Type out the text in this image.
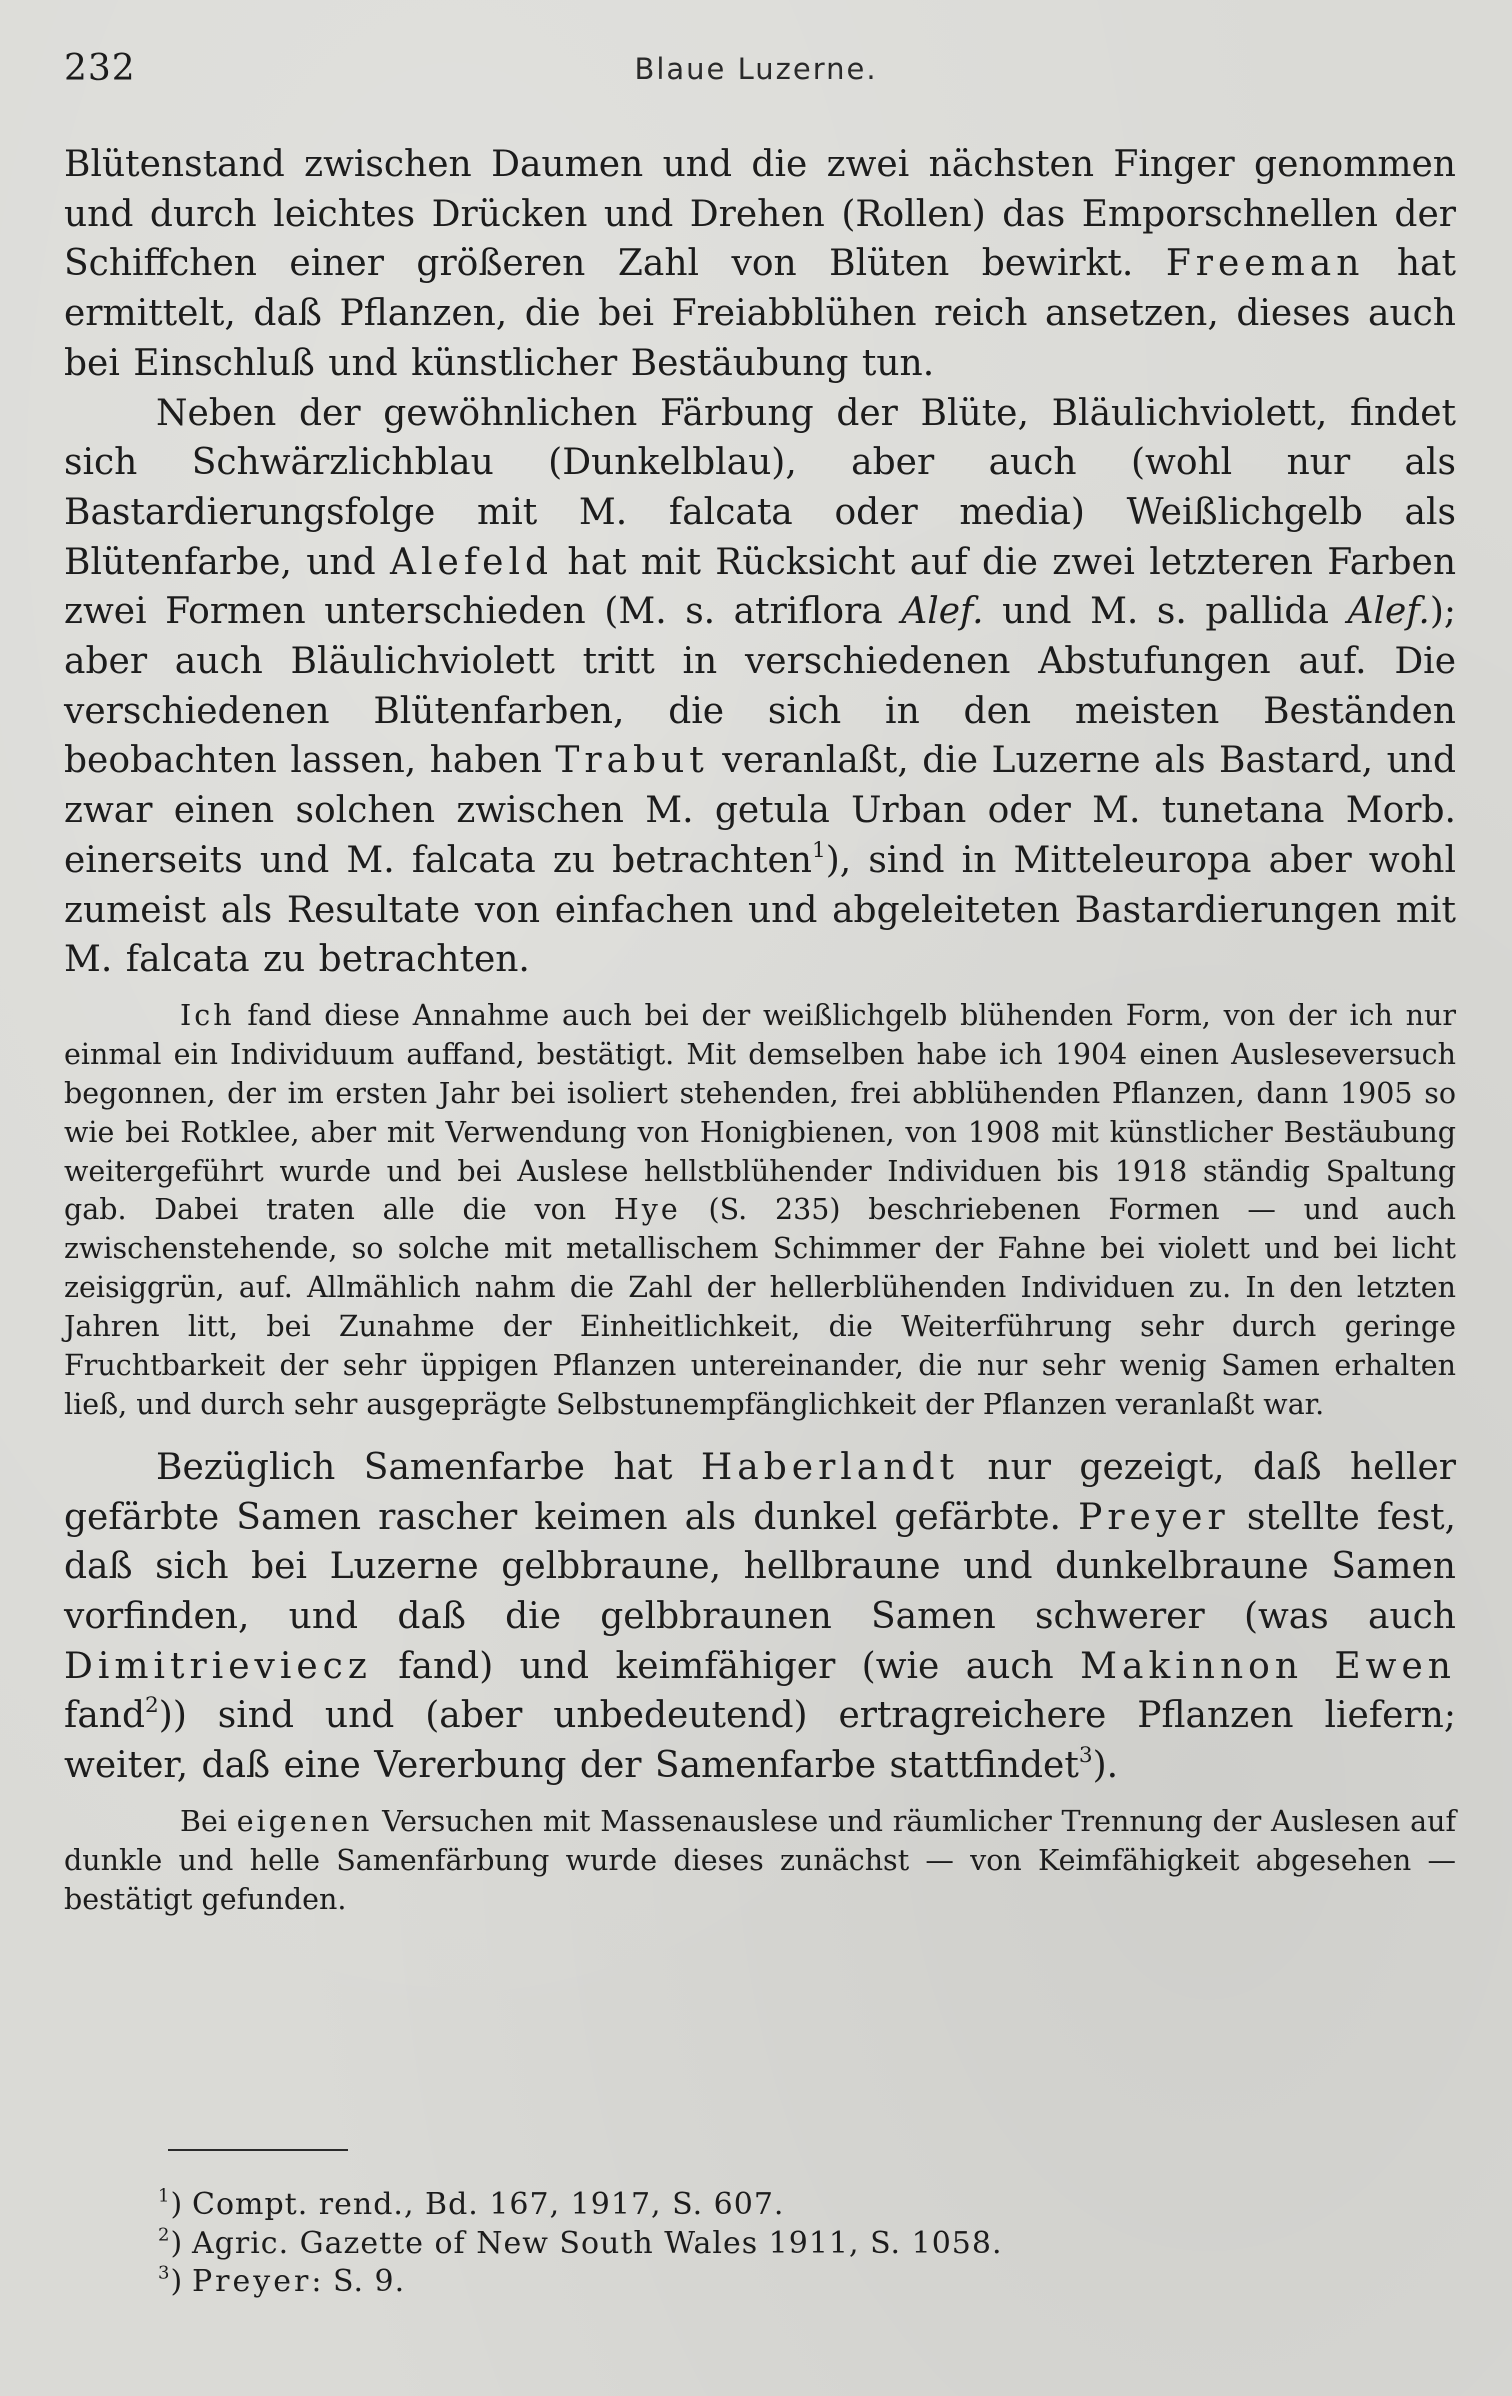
232	Blaue Luzerne.

Blütenstand zwischen Daumen und die zwei nächsten Finger genommen und durch leichtes Drücken und Drehen (Rollen) das Emporschnellen der Schiffchen einer größeren Zahl von Blüten bewirkt. Freeman hat ermittelt, daß Pflanzen, die bei Freiabblühen reich ansetzen, dieses auch bei Einschluß und künstlicher Bestäubung tun.

Neben der gewöhnlichen Färbung der Blüte, Bläulichviolett, findet sich Schwärzlichblau (Dunkelblau), aber auch (wohl nur als Bastardierungsfolge mit M. falcata oder media) Weißlichgelb als Blütenfarbe, und Alefeld hat mit Rücksicht auf die zwei letzteren Farben zwei Formen unterschieden (M. s. atriflora Alef. und M. s. pallida Alef.); aber auch Bläulichviolett tritt in verschiedenen Abstufungen auf. Die verschiedenen Blütenfarben, die sich in den meisten Beständen beobachten lassen, haben Trabut veranlaßt, die Luzerne als Bastard, und zwar einen solchen zwischen M. getula Urban oder M. tunetana Morb. einerseits und M. falcata zu betrachten$^1$), sind in Mitteleuropa aber wohl zumeist als Resultate von einfachen und abgeleiteten Bastardierungen mit M. falcata zu betrachten.

Ich fand diese Annahme auch bei der weißlichgelb blühenden Form, von der ich nur einmal ein Individuum auffand, bestätigt. Mit demselben habe ich 1904 einen Ausleseversuch begonnen, der im ersten Jahr bei isoliert stehenden, frei abblühenden Pflanzen, dann 1905 so wie bei Rotklee, aber mit Verwendung von Honigbienen, von 1908 mit künstlicher Bestäubung weitergeführt wurde und bei Auslese hellstblühender Individuen bis 1918 ständig Spaltung gab. Dabei traten alle die von Hye (S. 235) beschriebenen Formen — und auch zwischenstehende, so solche mit metallischem Schimmer der Fahne bei violett und bei licht zeisiggrün, auf. Allmählich nahm die Zahl der hellerblühenden Individuen zu. In den letzten Jahren litt, bei Zunahme der Einheitlichkeit, die Weiterführung sehr durch geringe Fruchtbarkeit der sehr üppigen Pflanzen untereinander, die nur sehr wenig Samen erhalten ließ, und durch sehr ausgeprägte Selbstunempfänglichkeit der Pflanzen veranlaßt war.

Bezüglich Samenfarbe hat Haberlandt nur gezeigt, daß heller gefärbte Samen rascher keimen als dunkel gefärbte. Preyer stellte fest, daß sich bei Luzerne gelbbraune, hellbraune und dunkelbraune Samen vorfinden, und daß die gelbbraunen Samen schwerer (was auch Dimitrieviecz fand) und keimfähiger (wie auch Makinnon Ewen fand$^2$)) sind und (aber unbedeutend) ertragreichere Pflanzen liefern; weiter, daß eine Vererbung der Samenfarbe stattfindet$^3$).

Bei eigenen Versuchen mit Massenauslese und räumlicher Trennung der Auslesen auf dunkle und helle Samenfärbung wurde dieses zunächst — von Keimfähigkeit abgesehen — bestätigt gefunden.

$^1$) Compt. rend., Bd. 167, 1917, S. 607.
$^2$) Agric. Gazette of New South Wales 1911, S. 1058.
$^3$) Preyer: S. 9.
